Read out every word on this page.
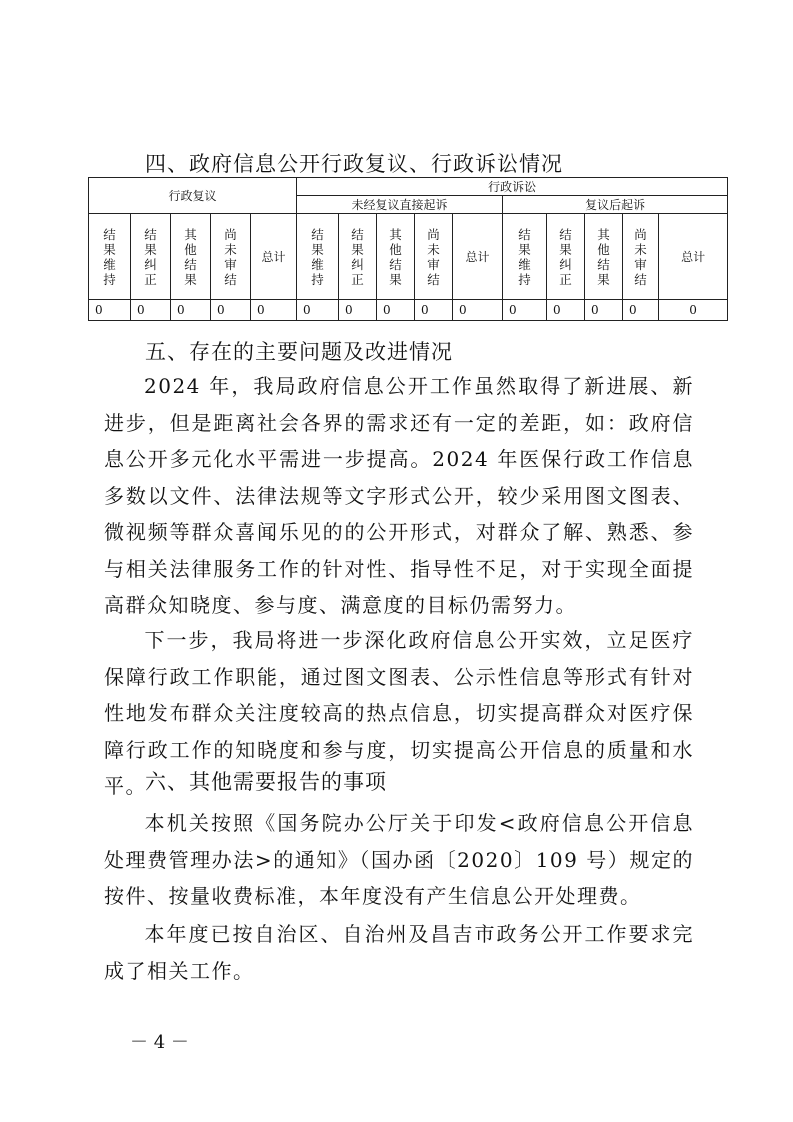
四、政府信息公开行政复议、行政诉讼情况
行政复议					行政诉讼									
					未经复议直接起诉					复议后起诉				
结果维持	结果纠正	其他结果	尚未审结	总计	结果维持	结果纠正	其他结果	尚未审结	总计	结果维持	结果纠正	其他结果	尚未审结	总计
0	0	0	0	0	0	0	0	0	0	0	0	0	0	0
五、存在的主要问题及改进情况

2024 年，我局政府信息公开工作虽然取得了新进展、新进步，但是距离社会各界的需求还有一定的差距，如：政府信息公开多元化水平需进一步提高。2024 年医保行政工作信息多数以文件、法律法规等文字形式公开，较少采用图文图表、微视频等群众喜闻乐见的的公开形式，对群众了解、熟悉、参与相关法律服务工作的针对性、指导性不足，对于实现全面提高群众知晓度、参与度、满意度的目标仍需努力。

下一步，我局将进一步深化政府信息公开实效，立足医疗保障行政工作职能，通过图文图表、公示性信息等形式有针对性地发布群众关注度较高的热点信息，切实提高群众对医疗保障行政工作的知晓度和参与度，切实提高公开信息的质量和水平。

六、其他需要报告的事项

本机关按照《国务院办公厅关于印发<政府信息公开信息处理费管理办法>的通知》（国办函〔2020〕109 号）规定的按件、按量收费标准，本年度没有产生信息公开处理费。

本年度已按自治区、自治州及昌吉市政务公开工作要求完成了相关工作。

－ 4 －
